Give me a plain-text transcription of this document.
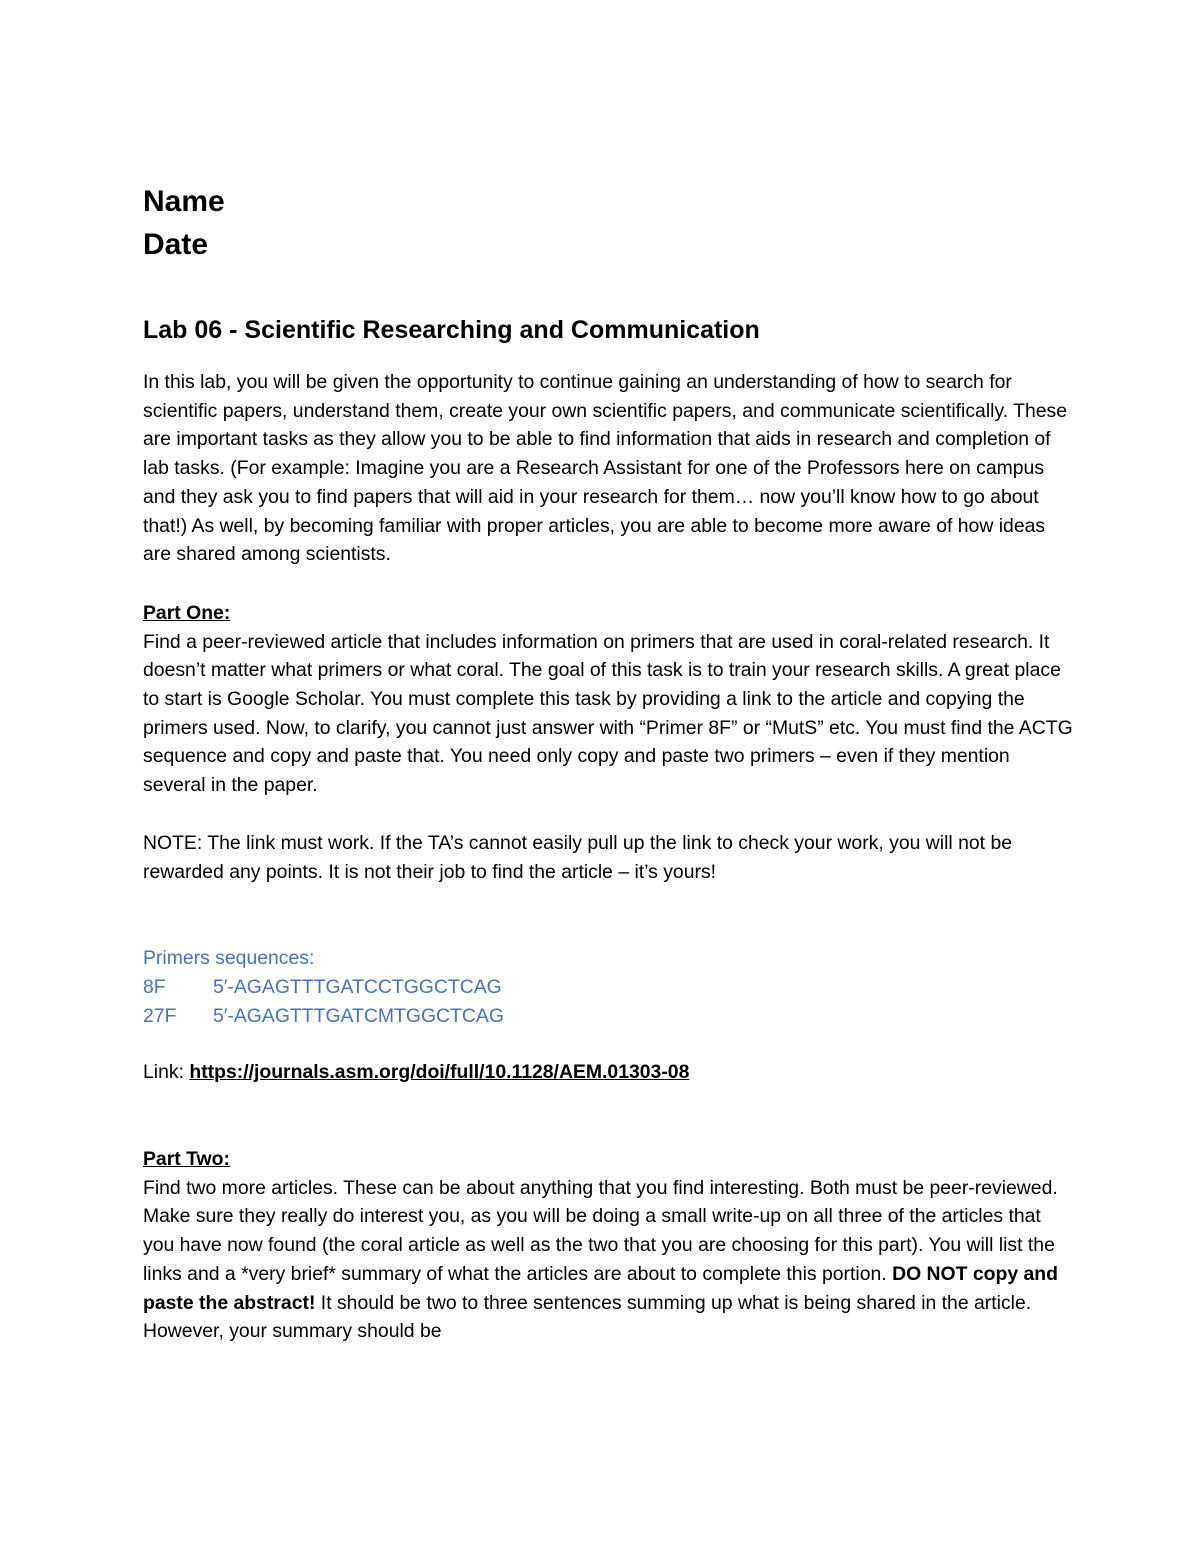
Name

Date

Lab 06 - Scientific Researching and Communication

In this lab, you will be given the opportunity to continue gaining an understanding of how to search for scientific papers, understand them, create your own scientific papers, and communicate scientifically. These are important tasks as they allow you to be able to find information that aids in research and completion of lab tasks. (For example: Imagine you are a Research Assistant for one of the Professors here on campus and they ask you to find papers that will aid in your research for them… now you’ll know how to go about that!) As well, by becoming familiar with proper articles, you are able to become more aware of how ideas are shared among scientists.

Part One:

Find a peer-reviewed article that includes information on primers that are used in coral-related research. It doesn’t matter what primers or what coral. The goal of this task is to train your research skills. A great place to start is Google Scholar. You must complete this task by providing a link to the article and copying the primers used. Now, to clarify, you cannot just answer with “Primer 8F” or “MutS” etc. You must find the ACTG sequence and copy and paste that. You need only copy and paste two primers – even if they mention several in the paper.

NOTE: The link must work. If the TA’s cannot easily pull up the link to check your work, you will not be rewarded any points. It is not their job to find the article – it’s yours!

Primers sequences:

8F	5′-AGAGTTTGATCCTGGCTCAG
27F	5′-AGAGTTTGATCMTGGCTCAG

Link: https://journals.asm.org/doi/full/10.1128/AEM.01303-08

Part Two:

Find two more articles. These can be about anything that you find interesting. Both must be peer-reviewed. Make sure they really do interest you, as you will be doing a small write-up on all three of the articles that you have now found (the coral article as well as the two that you are choosing for this part). You will list the links and a *very brief* summary of what the articles are about to complete this portion. DO NOT copy and paste the abstract! It should be two to three sentences summing up what is being shared in the article. However, your summary should be
